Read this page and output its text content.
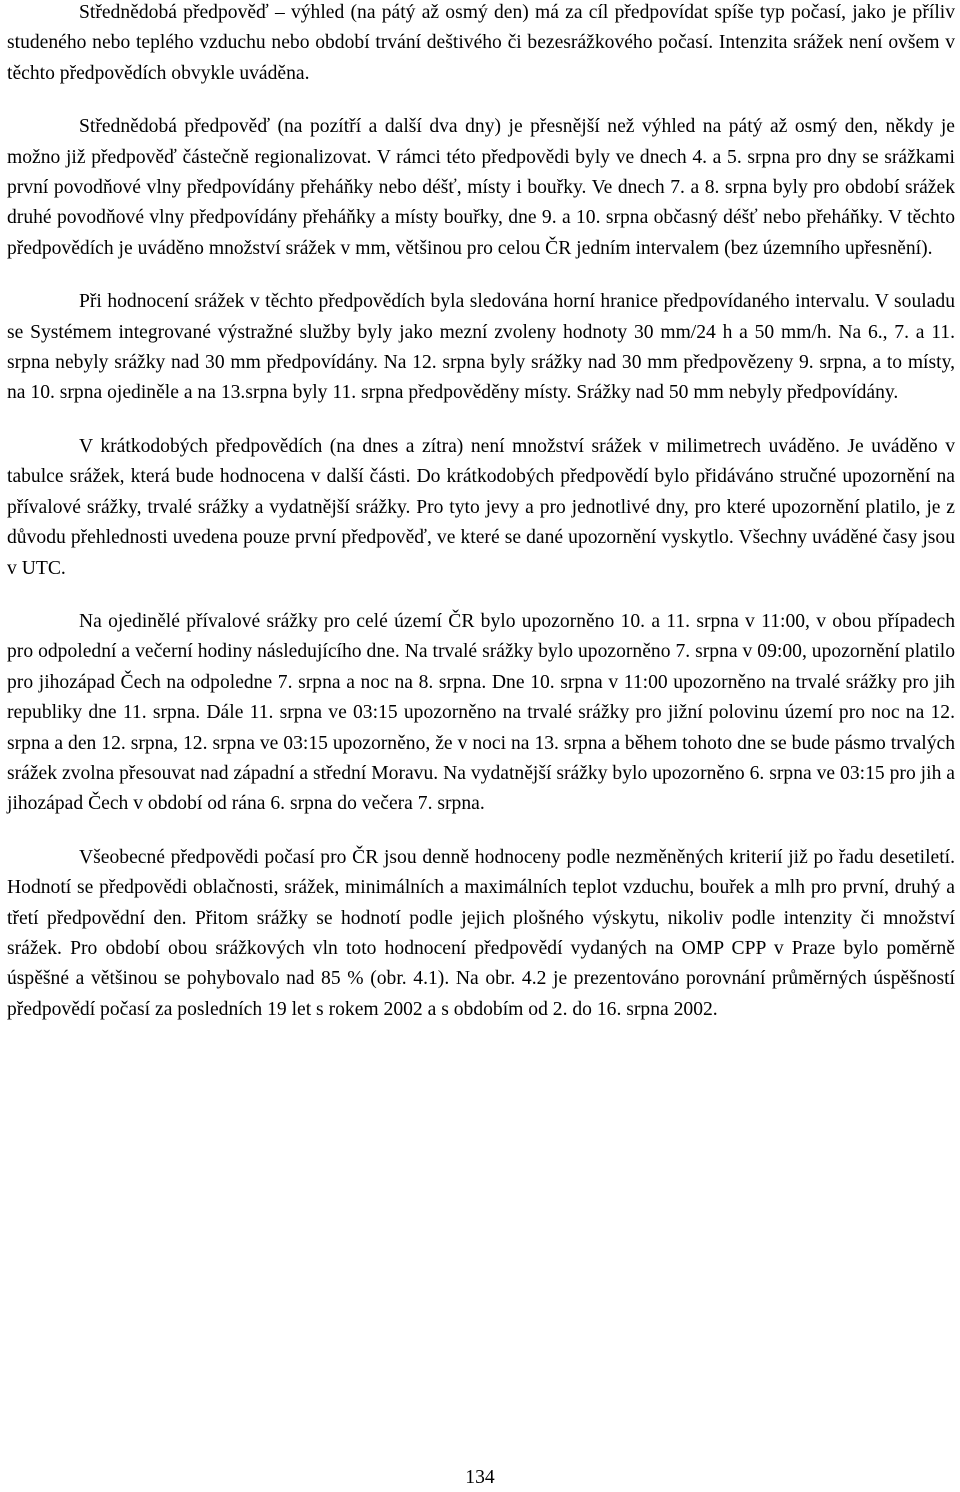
Střednědobá předpověď – výhled (na pátý až osmý den) má za cíl předpovídat spíše typ počasí, jako je příliv studeného nebo teplého vzduchu nebo období trvání deštivého či bezesrážkového počasí. Intenzita srážek není ovšem v těchto předpovědích obvykle uváděna.

Střednědobá předpověď (na pozítří a další dva dny) je přesnější než výhled na pátý až osmý den, někdy je možno již předpověď částečně regionalizovat. V rámci této předpovědi byly ve dnech 4. a 5. srpna pro dny se srážkami první povodňové vlny předpovídány přeháňky nebo déšť, místy i bouřky. Ve dnech 7. a 8. srpna byly pro období srážek druhé povodňové vlny předpovídány přeháňky a místy bouřky, dne 9. a 10. srpna občasný déšť nebo přeháňky. V těchto předpovědích je uváděno množství srážek v mm, většinou pro celou ČR jedním intervalem (bez územního upřesnění).

Při hodnocení srážek v těchto předpovědích byla sledována horní hranice předpovídaného intervalu. V souladu se Systémem integrované výstražné služby byly jako mezní zvoleny hodnoty 30 mm/24 h a 50 mm/h. Na 6., 7. a 11. srpna nebyly srážky nad 30 mm předpovídány. Na 12. srpna byly srážky nad 30 mm předpovězeny 9. srpna, a to místy, na 10. srpna ojediněle a na 13.srpna byly 11. srpna předpověděny místy. Srážky nad 50 mm nebyly předpovídány.

V krátkodobých předpovědích (na dnes a zítra) není množství srážek v milimetrech uváděno. Je uváděno v tabulce srážek, která bude hodnocena v další části. Do krátkodobých předpovědí bylo přidáváno stručné upozornění na přívalové srážky, trvalé srážky a vydatnější srážky. Pro tyto jevy a pro jednotlivé dny, pro které upozornění platilo, je z důvodu přehlednosti uvedena pouze první předpověď, ve které se dané upozornění vyskytlo. Všechny uváděné časy jsou v UTC.

Na ojedinělé přívalové srážky pro celé území ČR bylo upozorněno 10. a 11. srpna v 11:00, v obou případech pro odpolední a večerní hodiny následujícího dne. Na trvalé srážky bylo upozorněno 7. srpna v 09:00, upozornění platilo pro jihozápad Čech na odpoledne 7. srpna a noc na 8. srpna. Dne 10. srpna v 11:00 upozorněno na trvalé srážky pro jih republiky dne 11. srpna. Dále 11. srpna ve 03:15 upozorněno na trvalé srážky pro jižní polovinu území pro noc na 12. srpna a den 12. srpna, 12. srpna ve 03:15 upozorněno, že v noci na 13. srpna a během tohoto dne se bude pásmo trvalých srážek zvolna přesouvat nad západní a střední Moravu. Na vydatnější srážky bylo upozorněno 6. srpna ve 03:15 pro jih a jihozápad Čech v období od rána 6. srpna do večera 7. srpna.

Všeobecné předpovědi počasí pro ČR jsou denně hodnoceny podle nezměněných kriterií již po řadu desetiletí. Hodnotí se předpovědi oblačnosti, srážek, minimálních a maximálních teplot vzduchu, bouřek a mlh pro první, druhý a třetí předpovědní den. Přitom srážky se hodnotí podle jejich plošného výskytu, nikoliv podle intenzity či množství srážek. Pro období obou srážkových vln toto hodnocení předpovědí vydaných na OMP CPP v Praze bylo poměrně úspěšné a většinou se pohybovalo nad 85 % (obr. 4.1). Na obr. 4.2 je prezentováno porovnání průměrných úspěšností předpovědí počasí za posledních 19 let s rokem 2002 a s obdobím od 2. do 16. srpna 2002.

134
